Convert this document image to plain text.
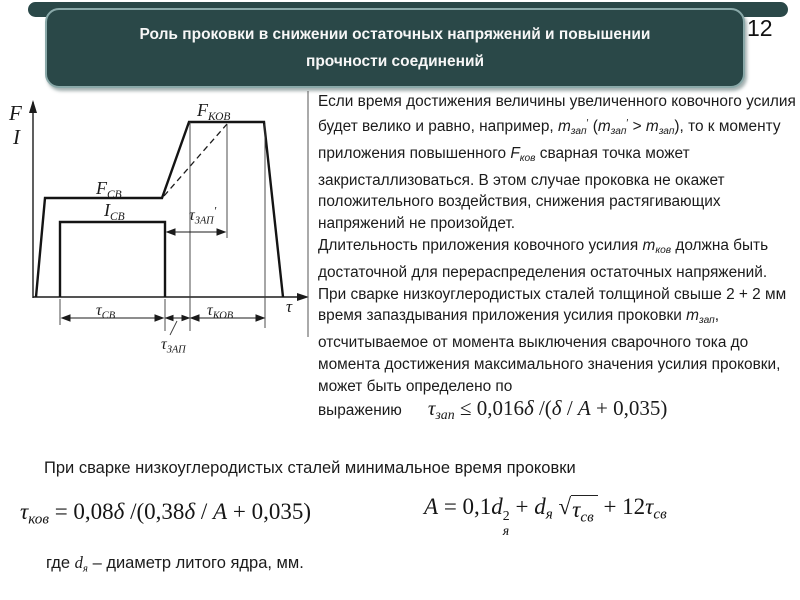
Роль проковки в снижении остаточных напряжений и повышении прочности соединений
12
F
I
τ
$F_{КОВ}$
$F_{СВ}$
$I_{СВ}$	$\tau_{ЗАП}'$
$\tau_{СВ}$	$\tau_{КОВ}$
$\tau_{ЗАП}$

Если время достижения величины увеличенного ковочного усилия будет велико и равно, например, $т_{зап}'$ $(т_{зап}' > т_{зап})$, то к моменту приложения повышенного $F_{ков}$ сварная точка может закристаллизоваться. В этом случае проковка не окажет положительного воздействия, снижения растягивающих напряжений не произойдет.

Длительность приложения ковочного усилия $т_{ков}$ должна быть достаточной для перераспределения остаточных напряжений.

При сварке низкоуглеродистых сталей толщиной свыше 2 + 2 мм время запаздывания приложения усилия проковки $т_{зап}$, отсчитываемое от момента выключения сварочного тока до момента достижения максимального значения усилия проковки, может быть определено по выражению $\tau_{зап} \le 0,016\delta$ /(δ / A + 0,035)

При сварке низкоуглеродистых сталей минимальное время проковки
$\tau_{ков} = 0,08\delta$ /(0,38δ / A + 0,035)	A = 0,1d 2
я
+ $d_я$ √ $\tau_{св} + 12\tau_{св}$
где $d_я$ – диаметр литого ядра, мм.
